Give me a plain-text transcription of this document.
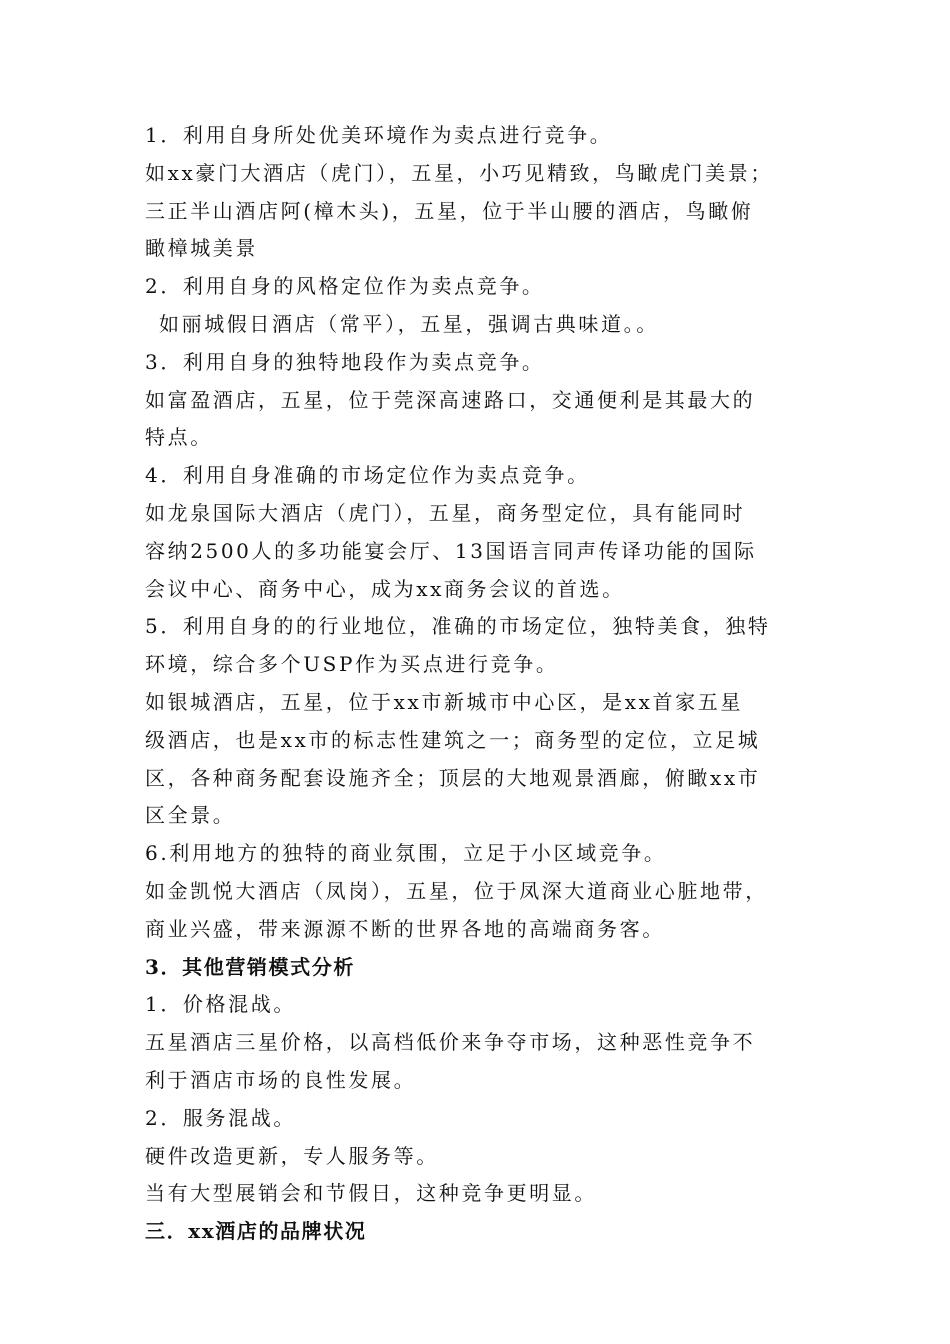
1．利用自身所处优美环境作为卖点进行竞争。
如xx豪门大酒店（虎门），五星，小巧见精致，鸟瞰虎门美景；
三正半山酒店阿(樟木头)，五星，位于半山腰的酒店，鸟瞰俯
瞰樟城美景
2．利用自身的风格定位作为卖点竞争。
如丽城假日酒店（常平），五星，强调古典味道。。
3．利用自身的独特地段作为卖点竞争。
如富盈酒店，五星，位于莞深高速路口，交通便利是其最大的
特点。
4．利用自身准确的市场定位作为卖点竞争。
如龙泉国际大酒店（虎门），五星，商务型定位，具有能同时
容纳2500人的多功能宴会厅、13国语言同声传译功能的国际
会议中心、商务中心，成为xx商务会议的首选。
5．利用自身的的行业地位，准确的市场定位，独特美食，独特
环境，综合多个USP作为买点进行竞争。
如银城酒店，五星，位于xx市新城市中心区，是xx首家五星
级酒店，也是xx市的标志性建筑之一；商务型的定位，立足城
区，各种商务配套设施齐全；顶层的大地观景酒廊，俯瞰xx市
区全景。
6.利用地方的独特的商业氛围，立足于小区域竞争。
如金凯悦大酒店（凤岗），五星，位于凤深大道商业心脏地带，
商业兴盛，带来源源不断的世界各地的高端商务客。
3．其他营销模式分析
1．价格混战。
五星酒店三星价格，以高档低价来争夺市场，这种恶性竞争不
利于酒店市场的良性发展。
2．服务混战。
硬件改造更新，专人服务等。
当有大型展销会和节假日，这种竞争更明显。
三．xx酒店的品牌状况
